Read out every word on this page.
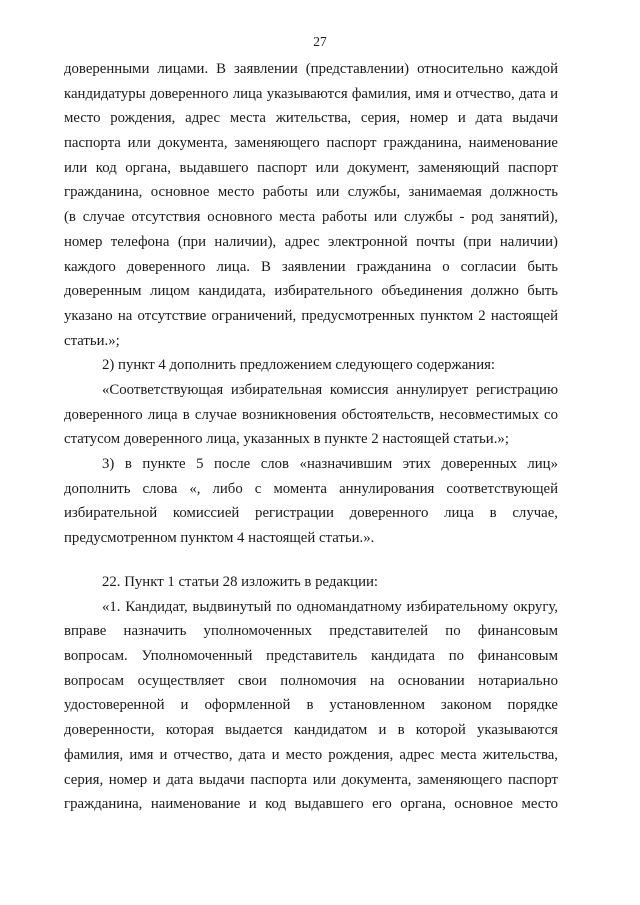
27
доверенными лицами. В заявлении (представлении) относительно каждой
кандидатуры доверенного лица указываются фамилия, имя и отчество, дата и
место рождения, адрес места жительства, серия, номер и дата выдачи
паспорта или документа, заменяющего паспорт гражданина, наименование
или код органа, выдавшего паспорт или документ, заменяющий паспорт
гражданина, основное место работы или службы, занимаемая должность
(в случае отсутствия основного места работы или службы - род занятий),
номер телефона (при наличии), адрес электронной почты (при наличии)
каждого доверенного лица. В заявлении гражданина о согласии быть
доверенным лицом кандидата, избирательного объединения должно быть
указано на отсутствие ограничений, предусмотренных пунктом 2 настоящей
статьи.»;
2) пункт 4 дополнить предложением следующего содержания:
«Соответствующая избирательная комиссия аннулирует регистрацию
доверенного лица в случае возникновения обстоятельств, несовместимых со
статусом доверенного лица, указанных в пункте 2 настоящей статьи.»;
3) в пункте 5 после слов «назначившим этих доверенных лиц»
дополнить слова «, либо с момента аннулирования соответствующей
избирательной комиссией регистрации доверенного лица в случае,
предусмотренном пунктом 4 настоящей статьи.».
22. Пункт 1 статьи 28 изложить в редакции:
«1. Кандидат, выдвинутый по одномандатному избирательному округу,
вправе назначить уполномоченных представителей по финансовым
вопросам. Уполномоченный представитель кандидата по финансовым
вопросам осуществляет свои полномочия на основании нотариально
удостоверенной и оформленной в установленном законом порядке
доверенности, которая выдается кандидатом и в которой указываются
фамилия, имя и отчество, дата и место рождения, адрес места жительства,
серия, номер и дата выдачи паспорта или документа, заменяющего паспорт
гражданина, наименование и код выдавшего его органа, основное место
